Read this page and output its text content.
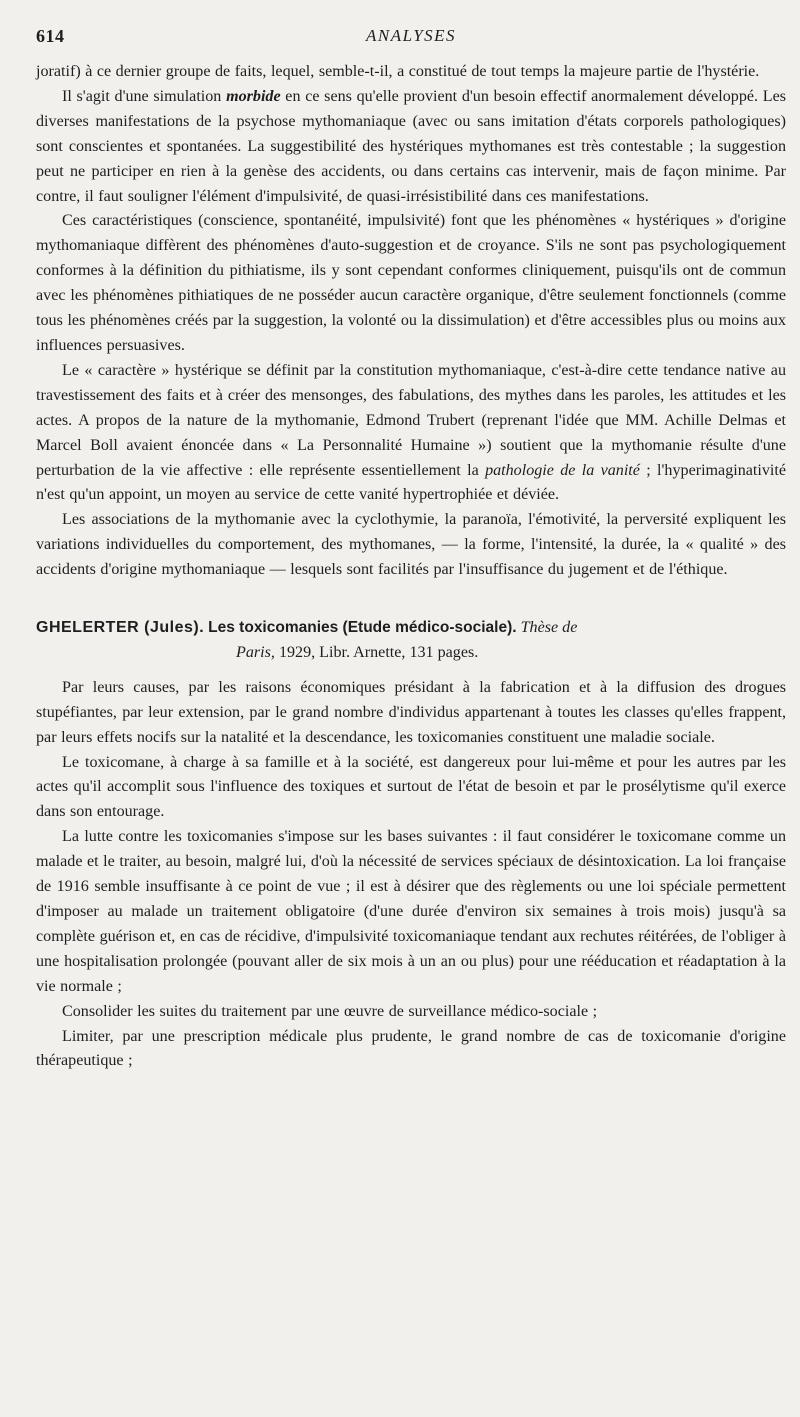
614	ANALYSES

joratif) à ce dernier groupe de faits, lequel, semble-t-il, a constitué de tout temps la majeure partie de l'hystérie.

Il s'agit d'une simulation morbide en ce sens qu'elle provient d'un besoin effectif anormalement développé. Les diverses manifestations de la psychose mythomaniaque (avec ou sans imitation d'états corporels pathologiques) sont conscientes et spontanées. La suggestibilité des hystériques mythomanes est très contestable ; la suggestion peut ne participer en rien à la genèse des accidents, ou dans certains cas intervenir, mais de façon minime. Par contre, il faut souligner l'élément d'impulsivité, de quasi-irrésistibilité dans ces manifestations.

Ces caractéristiques (conscience, spontanéité, impulsivité) font que les phénomènes « hystériques » d'origine mythomaniaque diffèrent des phénomènes d'auto-suggestion et de croyance. S'ils ne sont pas psychologiquement conformes à la définition du pithiatisme, ils y sont cependant conformes cliniquement, puisqu'ils ont de commun avec les phénomènes pithiatiques de ne posséder aucun caractère organique, d'être seulement fonctionnels (comme tous les phénomènes créés par la suggestion, la volonté ou la dissimulation) et d'être accessibles plus ou moins aux influences persuasives.

Le « caractère » hystérique se définit par la constitution mythomaniaque, c'est-à-dire cette tendance native au travestissement des faits et à créer des mensonges, des fabulations, des mythes dans les paroles, les attitudes et les actes. A propos de la nature de la mythomanie, Edmond Trubert (reprenant l'idée que MM. Achille Delmas et Marcel Boll avaient énoncée dans « La Personnalité Humaine ») soutient que la mythomanie résulte d'une perturbation de la vie affective : elle représente essentiellement la pathologie de la vanité ; l'hyperimaginativité n'est qu'un appoint, un moyen au service de cette vanité hypertrophiée et déviée.

Les associations de la mythomanie avec la cyclothymie, la paranoïa, l'émotivité, la perversité expliquent les variations individuelles du comportement, des mythomanes, — la forme, l'intensité, la durée, la « qualité » des accidents d'origine mythomaniaque — lesquels sont facilités par l'insuffisance du jugement et de l'éthique.

GHELERTER (Jules). Les toxicomanies (Etude médico-sociale). Thèse de
Paris, 1929, Libr. Arnette, 131 pages.

Par leurs causes, par les raisons économiques présidant à la fabrication et à la diffusion des drogues stupéfiantes, par leur extension, par le grand nombre d'individus appartenant à toutes les classes qu'elles frappent, par leurs effets nocifs sur la natalité et la descendance, les toxicomanies constituent une maladie sociale.

Le toxicomane, à charge à sa famille et à la société, est dangereux pour lui-même et pour les autres par les actes qu'il accomplit sous l'influence des toxiques et surtout de l'état de besoin et par le prosélytisme qu'il exerce dans son entourage.

La lutte contre les toxicomanies s'impose sur les bases suivantes : il faut considérer le toxicomane comme un malade et le traiter, au besoin, malgré lui, d'où la nécessité de services spéciaux de désintoxication. La loi française de 1916 semble insuffisante à ce point de vue ; il est à désirer que des règlements ou une loi spéciale permettent d'imposer au malade un traitement obligatoire (d'une durée d'environ six semaines à trois mois) jusqu'à sa complète guérison et, en cas de récidive, d'impulsivité toxicomaniaque tendant aux rechutes réitérées, de l'obliger à une hospitalisation prolongée (pouvant aller de six mois à un an ou plus) pour une rééducation et réadaptation à la vie normale ;

Consolider les suites du traitement par une œuvre de surveillance médico-sociale ;

Limiter, par une prescription médicale plus prudente, le grand nombre de cas de toxicomanie d'origine thérapeutique ;
